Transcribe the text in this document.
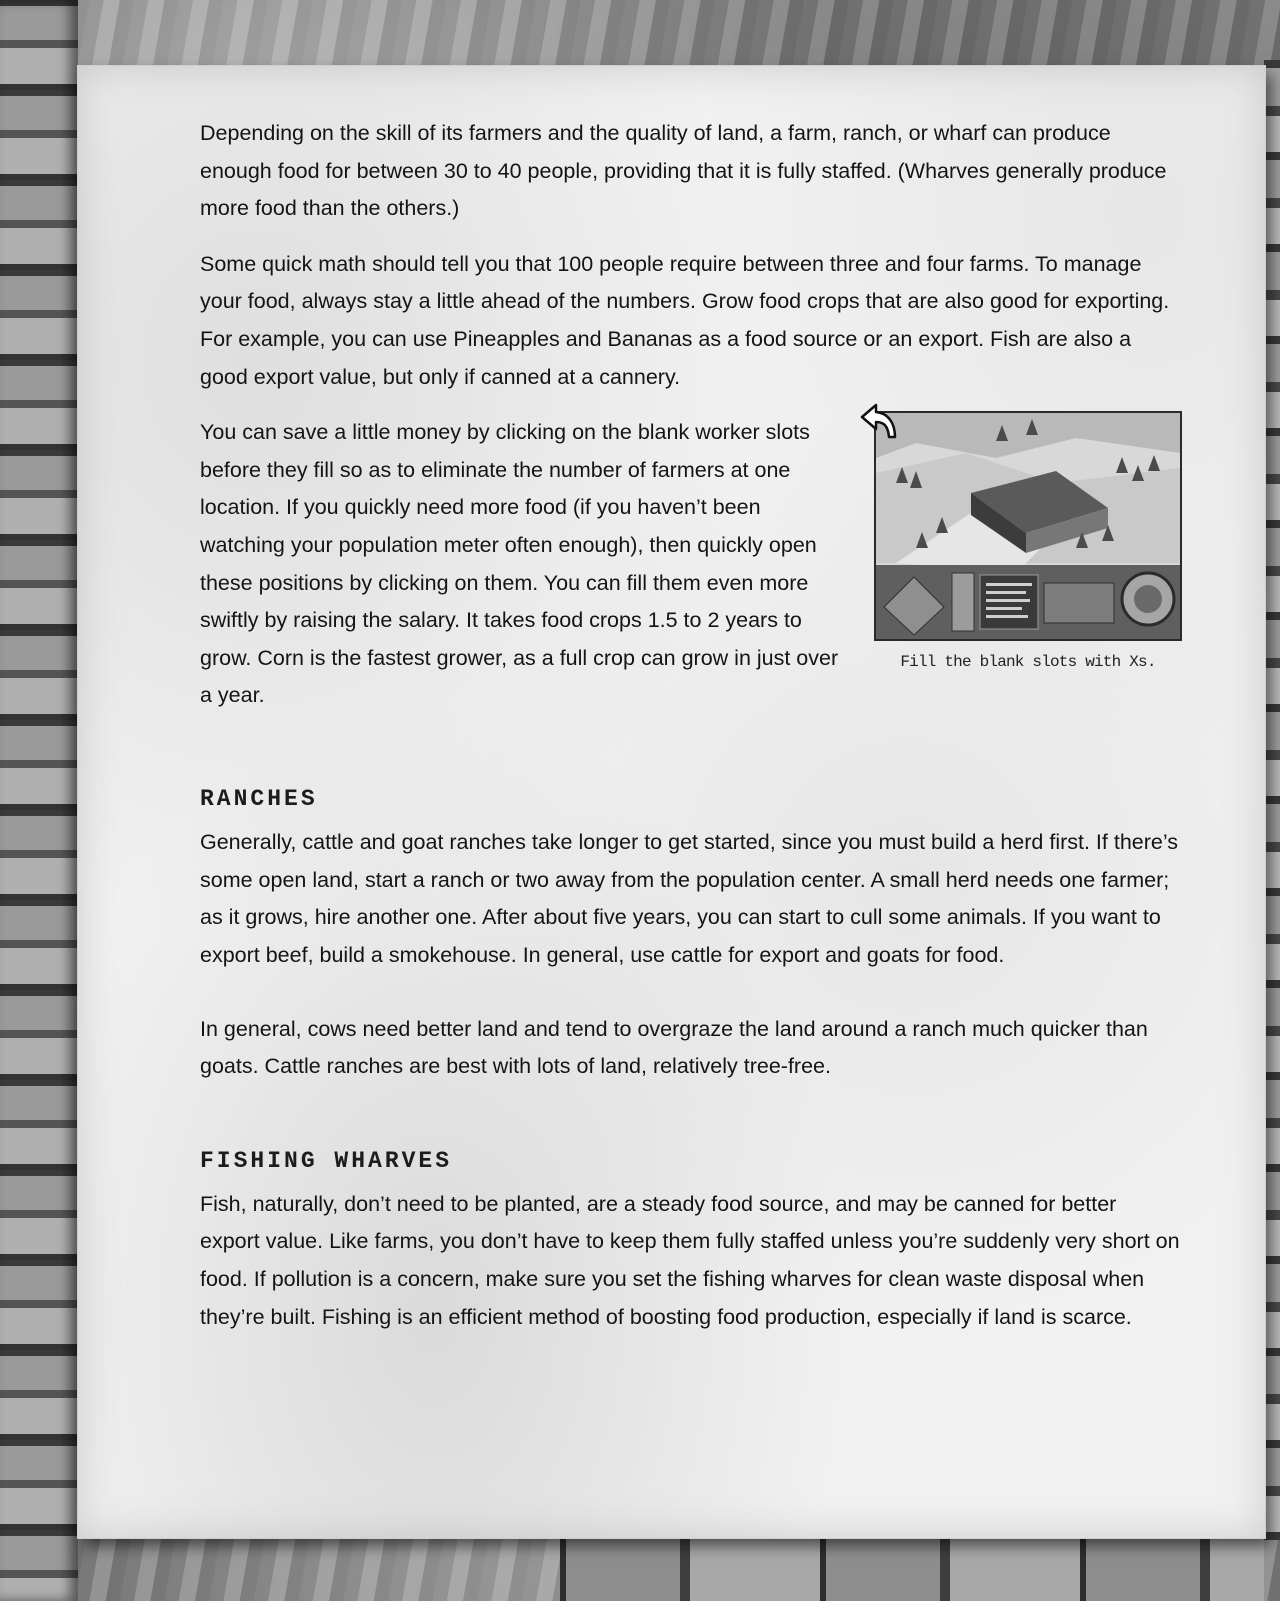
Depending on the skill of its farmers and the quality of land, a farm, ranch, or wharf can produce enough food for between 30 to 40 people, providing that it is fully staffed. (Wharves generally produce more food than the others.)

Some quick math should tell you that 100 people require between three and four farms. To manage your food, always stay a little ahead of the numbers. Grow food crops that are also good for exporting. For example, you can use Pineapples and Bananas as a food source or an export. Fish are also a good export value, but only if canned at a cannery.

You can save a little money by clicking on the blank worker slots before they fill so as to eliminate the number of farmers at one location. If you quickly need more food (if you haven’t been watching your population meter often enough), then quickly open these positions by clicking on them. You can fill them even more swiftly by raising the salary. It takes food crops 1.5 to 2 years to grow. Corn is the fastest grower, as a full crop can grow in just over a year.

Fill the blank slots with Xs.
RANCHES

Generally, cattle and goat ranches take longer to get started, since you must build a herd first. If there’s some open land, start a ranch or two away from the population center. A small herd needs one farmer; as it grows, hire another one. After about five years, you can start to cull some animals. If you want to export beef, build a smokehouse. In general, use cattle for export and goats for food.

In general, cows need better land and tend to overgraze the land around a ranch much quicker than goats. Cattle ranches are best with lots of land, relatively tree-free.

FISHING WHARVES

Fish, naturally, don’t need to be planted, are a steady food source, and may be canned for better export value. Like farms, you don’t have to keep them fully staffed unless you’re suddenly very short on food. If pollution is a concern, make sure you set the fishing wharves for clean waste disposal when they’re built. Fishing is an efficient method of boosting food production, especially if land is scarce.
